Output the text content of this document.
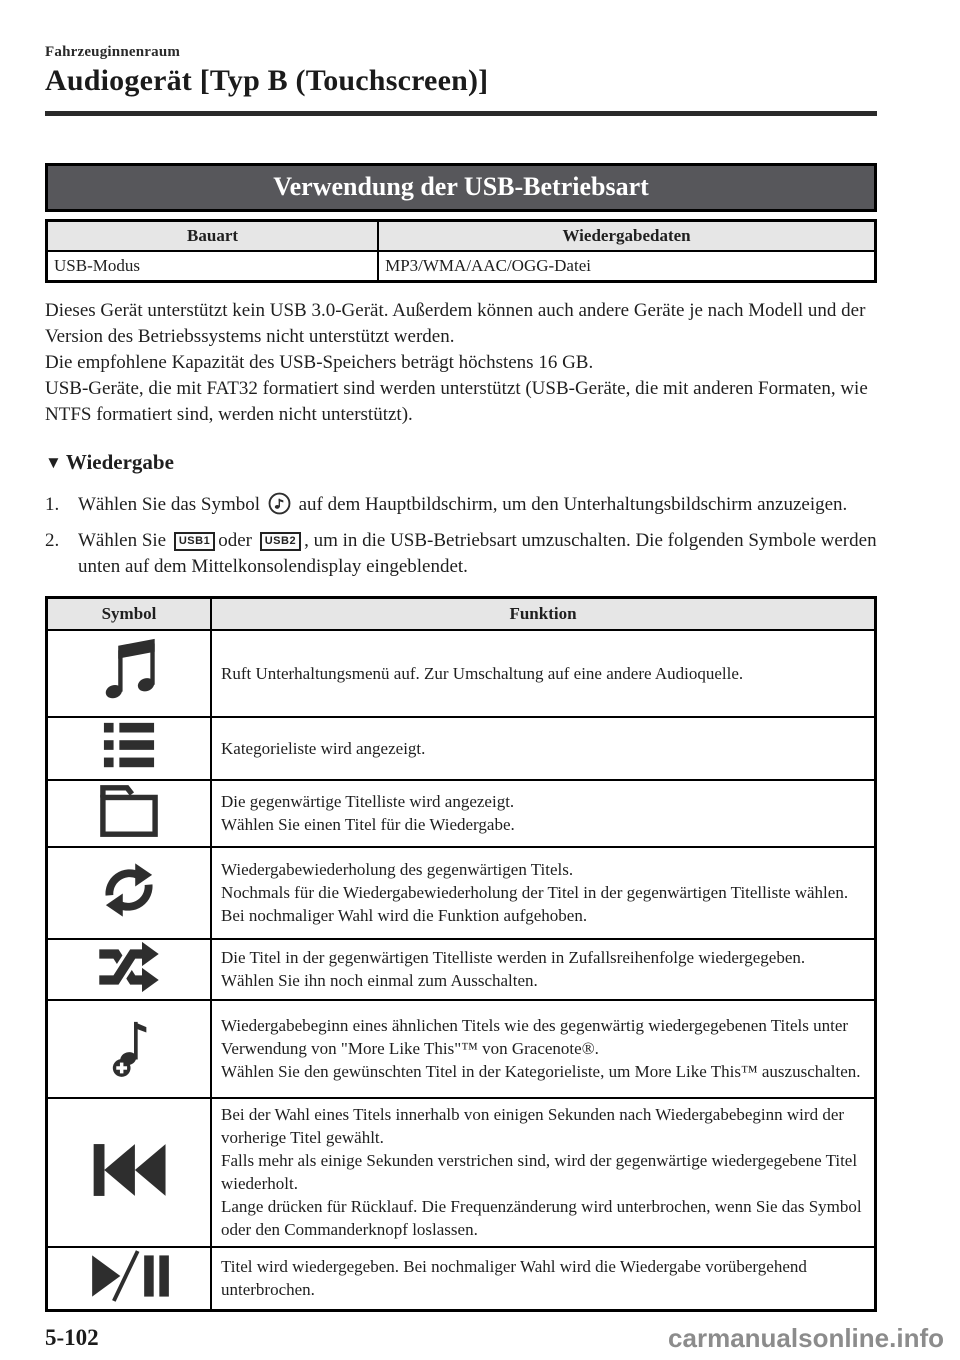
Fahrzeuginnenraum
Audiogerät [Typ B (Touchscreen)]
Verwendung der USB-Betriebsart
Bauart	Wiedergabedaten
USB-Modus	MP3/WMA/AAC/OGG-Datei
Dieses Gerät unterstützt kein USB 3.0-Gerät. Außerdem können auch andere Geräte je nach Modell und der Version des Betriebssystems nicht unterstützt werden.
Die empfohlene Kapazität des USB-Speichers beträgt höchstens 16 GB.
USB-Geräte, die mit FAT32 formatiert sind werden unterstützt (USB-Geräte, die mit anderen Formaten, wie NTFS formatiert sind, werden nicht unterstützt).
▼ Wiedergabe
1. Wählen Sie das Symbol  auf dem Hauptbildschirm, um den Unterhaltungsbildschirm anzuzeigen.
2. Wählen Sie USB1 oder USB2 , um in die USB-Betriebsart umzuschalten. Die folgenden Symbole werden unten auf dem Mittelkonsolendisplay eingeblendet.
Symbol	Funktion

Ruft Unterhaltungsmenü auf. Zur Umschaltung auf eine andere Audioquelle.

Kategorieliste wird angezeigt.

Die gegenwärtige Titelliste wird angezeigt.
Wählen Sie einen Titel für die Wiedergabe.

Wiedergabewiederholung des gegenwärtigen Titels.
Nochmals für die Wiedergabewiederholung der Titel in der gegenwärtigen Titelliste wählen.
Bei nochmaliger Wahl wird die Funktion aufgehoben.

Die Titel in der gegenwärtigen Titelliste werden in Zufallsreihenfolge wiedergegeben.
Wählen Sie ihn noch einmal zum Ausschalten.

Wiedergabebeginn eines ähnlichen Titels wie des gegenwärtig wiedergegebenen Titels unter Verwendung von "More Like This"™ von Gracenote®.
Wählen Sie den gewünschten Titel in der Kategorieliste, um More Like This™ auszuschalten.

Bei der Wahl eines Titels innerhalb von einigen Sekunden nach Wiedergabebeginn wird der vorherige Titel gewählt.
Falls mehr als einige Sekunden verstrichen sind, wird der gegenwärtige wiedergegebene Titel wiederholt.
Lange drücken für Rücklauf. Die Frequenzänderung wird unterbrochen, wenn Sie das Symbol oder den Commanderknopf loslassen.

Titel wird wiedergegeben. Bei nochmaliger Wahl wird die Wiedergabe vorübergehend unterbrochen.
5-102	carmanualsonline.info
